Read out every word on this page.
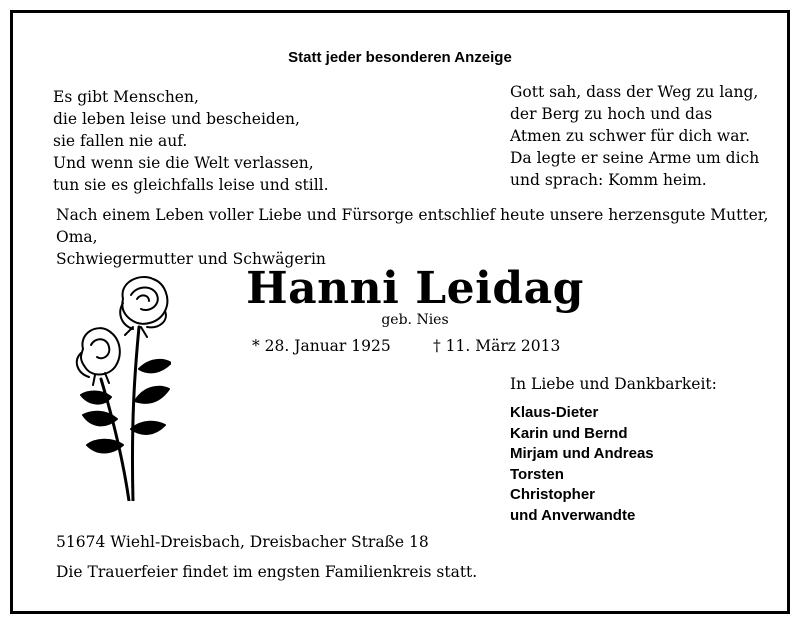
Statt jeder besonderen Anzeige
Es gibt Menschen,
die leben leise und bescheiden,
sie fallen nie auf.
Und wenn sie die Welt verlassen,
tun sie es gleichfalls leise und still.
Gott sah, dass der Weg zu lang,
der Berg zu hoch und das
Atmen zu schwer für dich war.
Da legte er seine Arme um dich
und sprach: Komm heim.
Nach einem Leben voller Liebe und Fürsorge entschlief heute unsere herzensgute Mutter, Oma,
Schwiegermutter und Schwägerin
Hanni Leidag
geb. Nies
* 28. Januar 1925	† 11. März 2013
In Liebe und Dankbarkeit:
Klaus-Dieter
Karin und Bernd
Mirjam und Andreas
Torsten
Christopher
und Anverwandte
51674 Wiehl-Dreisbach, Dreisbacher Straße 18
Die Trauerfeier findet im engsten Familienkreis statt.
